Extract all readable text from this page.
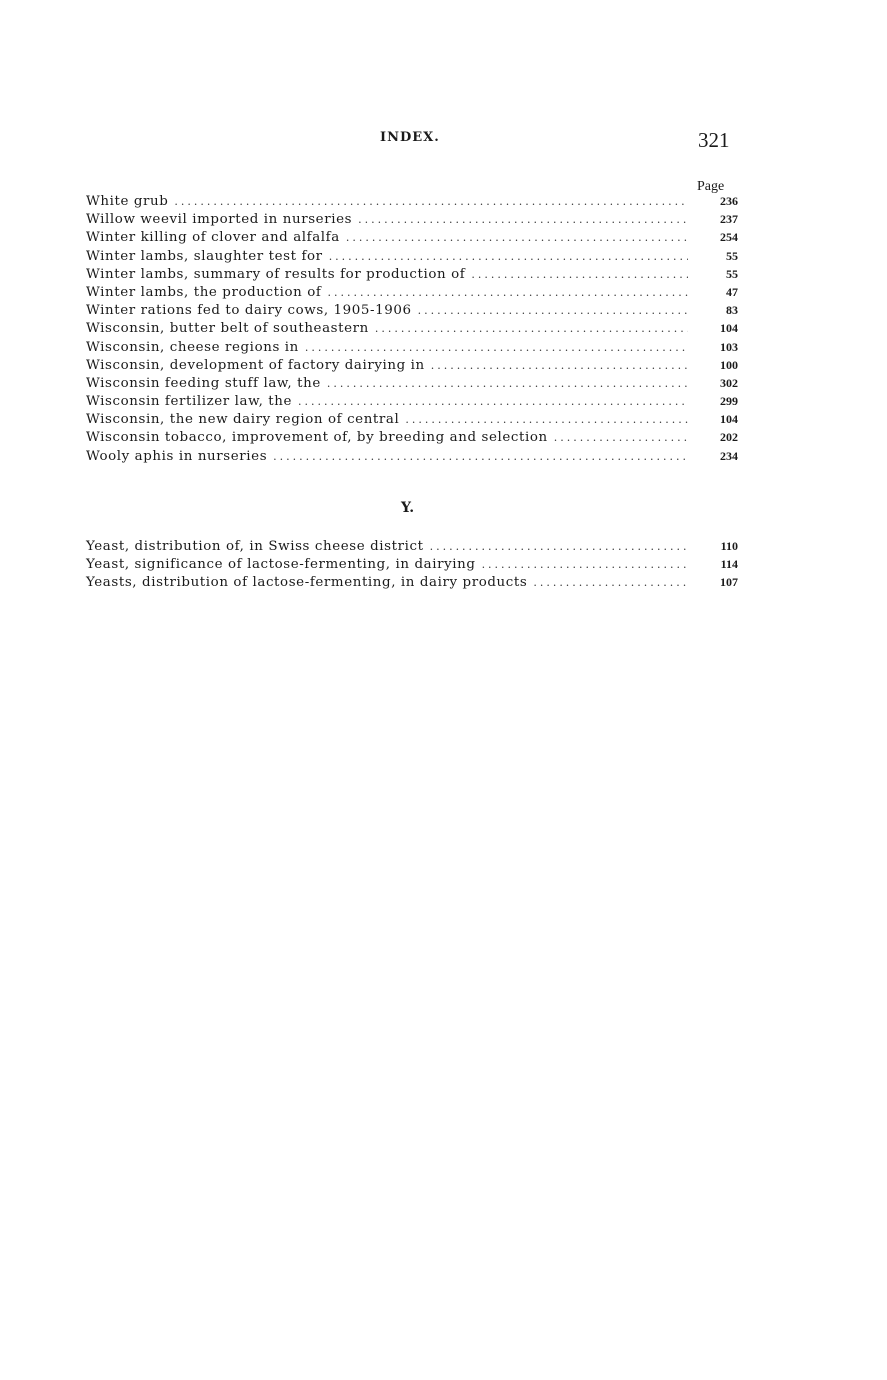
INDEX.	321
Page
White grub .....	236
Willow weevil imported in nurseries .....	237
Winter killing of clover and alfalfa .....	254
Winter lambs, slaughter test for .....	55
Winter lambs, summary of results for production of .....	55
Winter lambs, the production of .....	47
Winter rations fed to dairy cows, 1905-1906 .....	83
Wisconsin, butter belt of southeastern .....	104
Wisconsin, cheese regions in .....	103
Wisconsin, development of factory dairying in .....	100
Wisconsin feeding stuff law, the .....	302
Wisconsin fertilizer law, the .....	299
Wisconsin, the new dairy region of central .....	104
Wisconsin tobacco, improvement of, by breeding and selection .....	202
Wooly aphis in nurseries .....	234
Y.
Yeast, distribution of, in Swiss cheese district .....	110
Yeast, significance of lactose-fermenting, in dairying .....	114
Yeasts, distribution of lactose-fermenting, in dairy products .....	107
